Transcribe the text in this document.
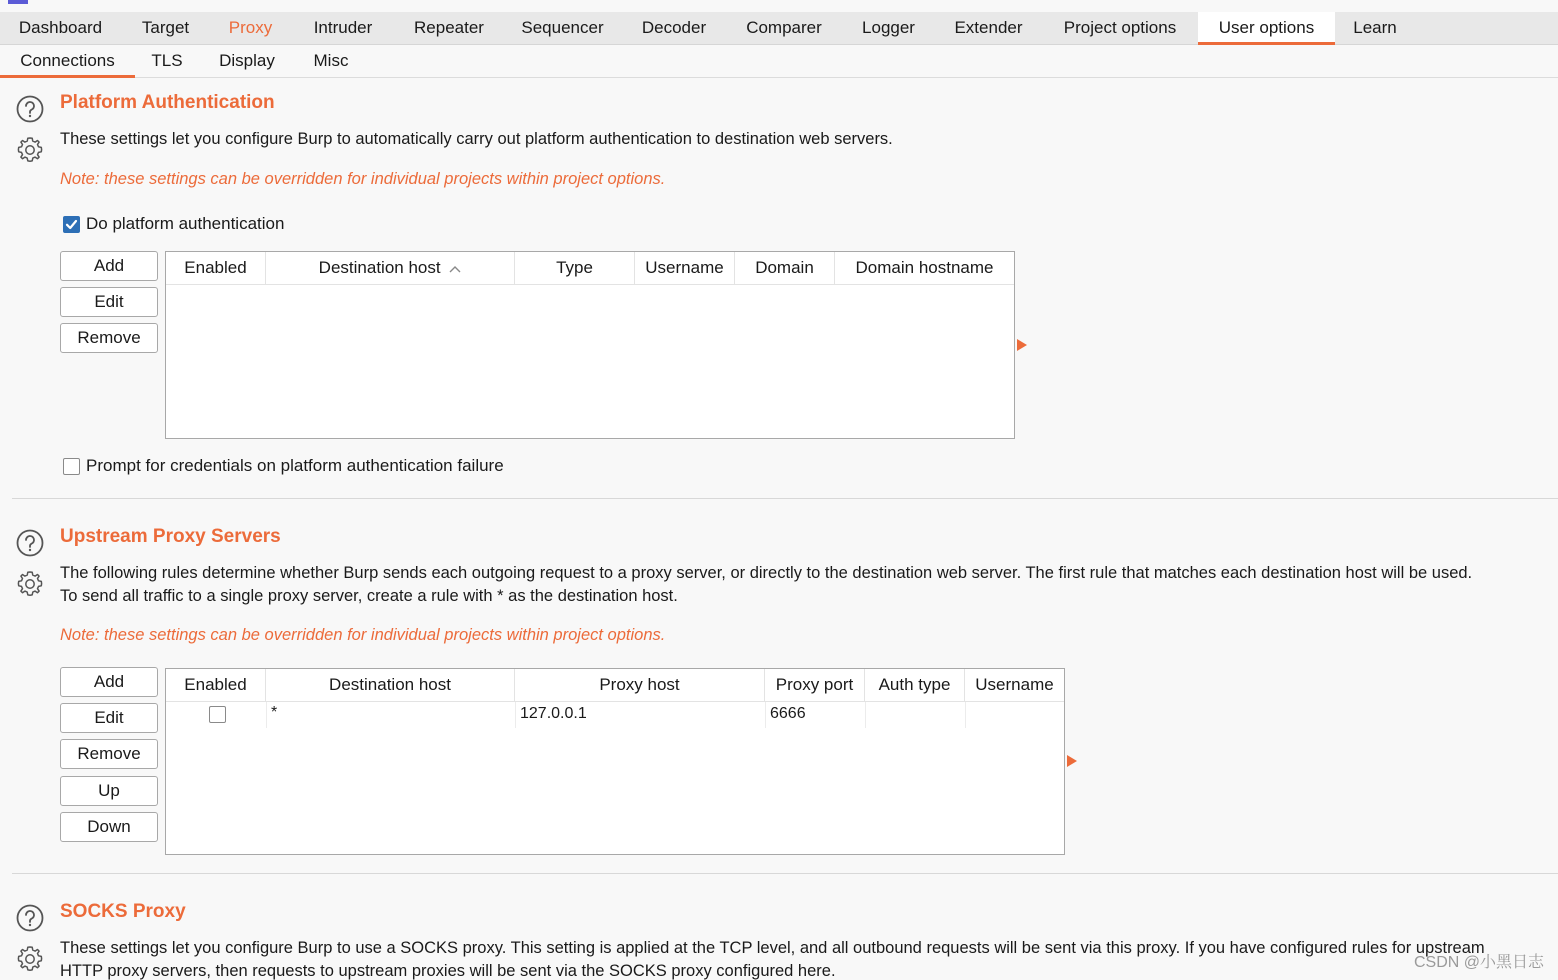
Dashboard	Target	Proxy	Intruder	Repeater	Sequencer	Decoder	Comparer	Logger	Extender	Project options	User options	Learn
Connections	TLS	Display	Misc
Platform Authentication
These settings let you configure Burp to automatically carry out platform authentication to destination web servers.
Note: these settings can be overridden for individual projects within project options.
Do platform authentication
Add
Edit
Remove
Enabled	Destination host	Type	Username	Domain	Domain hostname
Prompt for credentials on platform authentication failure
Upstream Proxy Servers
The following rules determine whether Burp sends each outgoing request to a proxy server, or directly to the destination web server. The first rule that matches each destination host will be used.
To send all traffic to a single proxy server, create a rule with * as the destination host.
Note: these settings can be overridden for individual projects within project options.
Add
Edit
Remove
Up
Down
Enabled	Destination host	Proxy host	Proxy port	Auth type	Username
*	127.0.0.1	6666
SOCKS Proxy
These settings let you configure Burp to use a SOCKS proxy. This setting is applied at the TCP level, and all outbound requests will be sent via this proxy. If you have configured rules for upstream
HTTP proxy servers, then requests to upstream proxies will be sent via the SOCKS proxy configured here.	CSDN @小黑日志
